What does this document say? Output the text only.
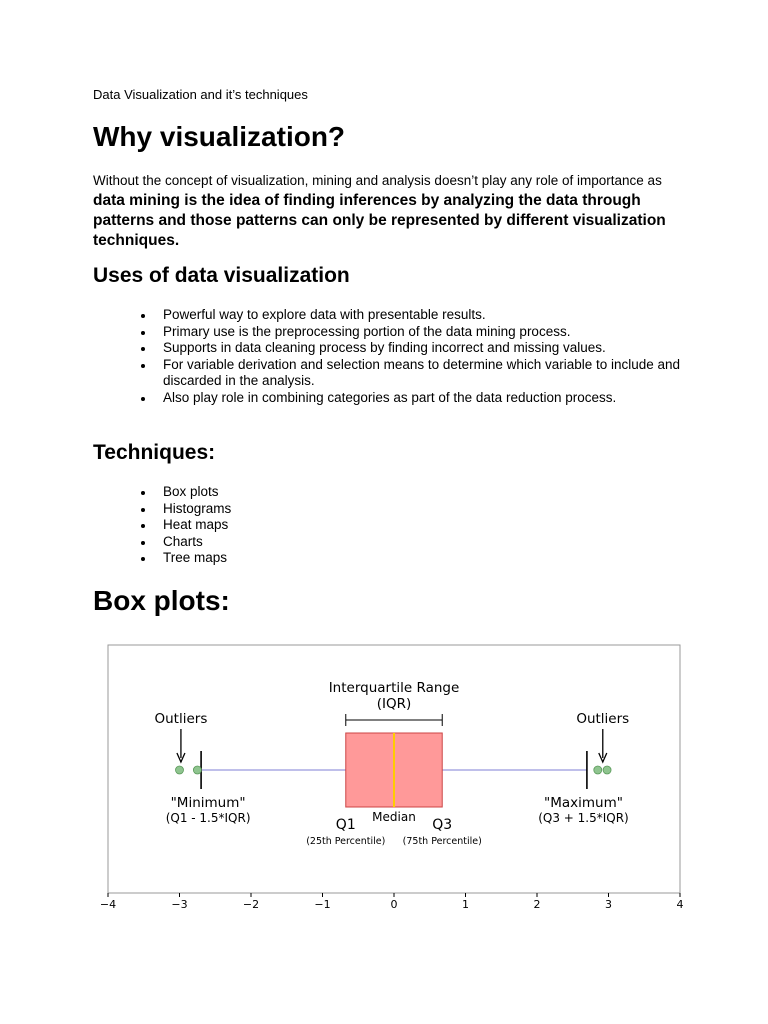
Data Visualization and it’s techniques
Why visualization?

Without the concept of visualization, mining and analysis doesn’t play any role of importance as data mining is the idea of finding inferences by analyzing the data through patterns and those patterns can only be represented by different visualization techniques.

Uses of data visualization
Powerful way to explore data with presentable results.
Primary use is the preprocessing portion of the data mining process.
Supports in data cleaning process by finding incorrect and missing values.
For variable derivation and selection means to determine which variable to include and discarded in the analysis.
Also play role in combining categories as part of the data reduction process.
Techniques:
Box plots
Histograms
Heat maps
Charts
Tree maps
Box plots:
−4	−3	−2	−1	0	1	2	3	4
Interquartile Range
(IQR)
Outliers	Outliers
"Minimum"
(Q1 - 1.5*IQR)
"Maximum"
(Q3 + 1.5*IQR)
Q1	Q3
Median
(25th Percentile) (75th Percentile)
